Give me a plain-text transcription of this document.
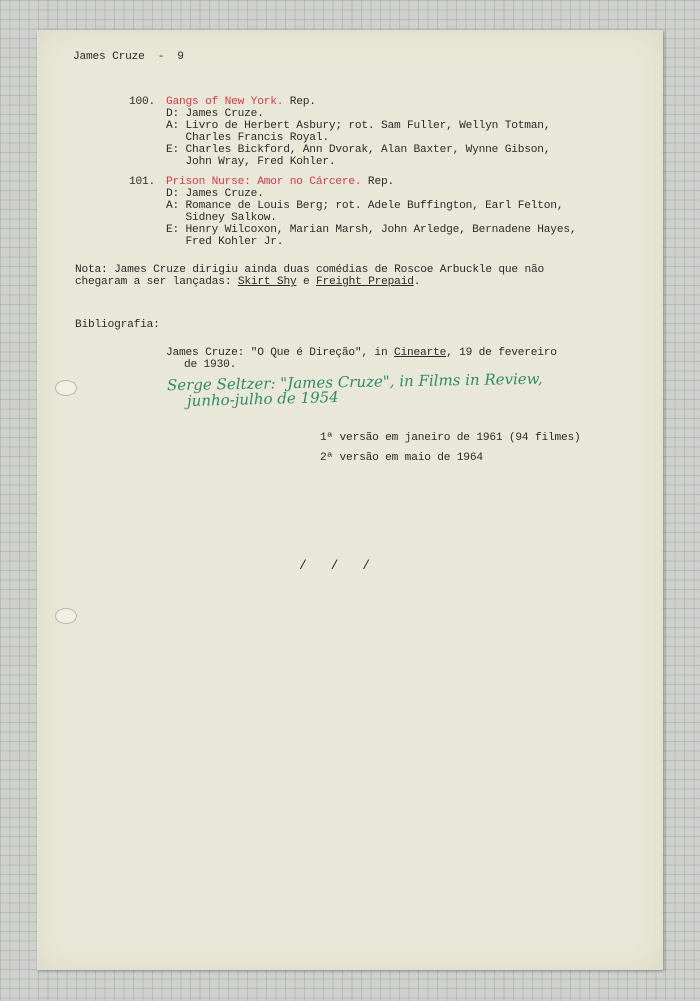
James Cruze  -  9
100. Gangs of New York. Rep.
D: James Cruze.
A: Livro de Herbert Asbury; rot. Sam Fuller, Wellyn Totman,
Charles Francis Royal.
E: Charles Bickford, Ann Dvorak, Alan Baxter, Wynne Gibson,
John Wray, Fred Kohler.
101. Prison Nurse: Amor no Cárcere. Rep.
D: James Cruze.
A: Romance de Louis Berg; rot. Adele Buffington, Earl Felton,
Sidney Salkow.
E: Henry Wilcoxon, Marian Marsh, John Arledge, Bernadene Hayes,
Fred Kohler Jr.
Nota: James Cruze dirigiu ainda duas comédias de Roscoe Arbuckle que não
chegaram a ser lançadas: Skirt Shy e Freight Prepaid.
Bibliografia:
James Cruze: "O Que é Direção", in Cinearte, 19 de fevereiro
de 1930.
Serge Seltzer: "James Cruze", in Films in Review,
junho-julho de 1954
1ª versão em janeiro de 1961 (94 filmes)
2ª versão em maio de 1964
/ / /
